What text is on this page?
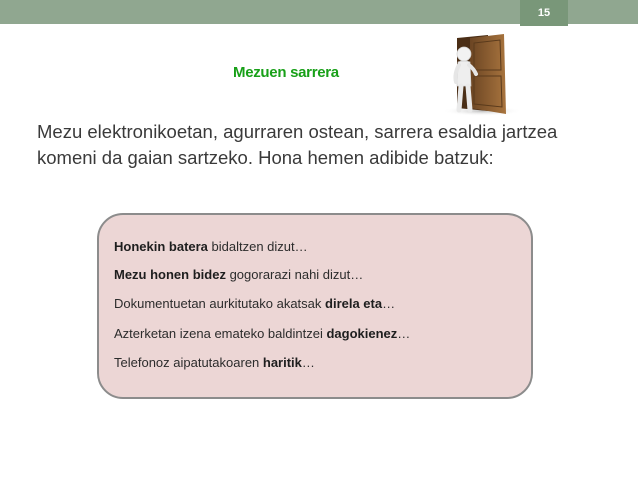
15
Mezuen sarrera
Mezu elektronikoetan, agurraren ostean, sarrera esaldia jartzea komeni da gaian sartzeko. Hona hemen adibide batzuk:
Honekin batera bidaltzen dizut…
Mezu honen bidez gogorarazi nahi dizut…
Dokumentuetan aurkitutako akatsak direla eta…
Azterketan izena emateko baldintzei dagokienez…
Telefonoz aipatutakoaren haritik…
